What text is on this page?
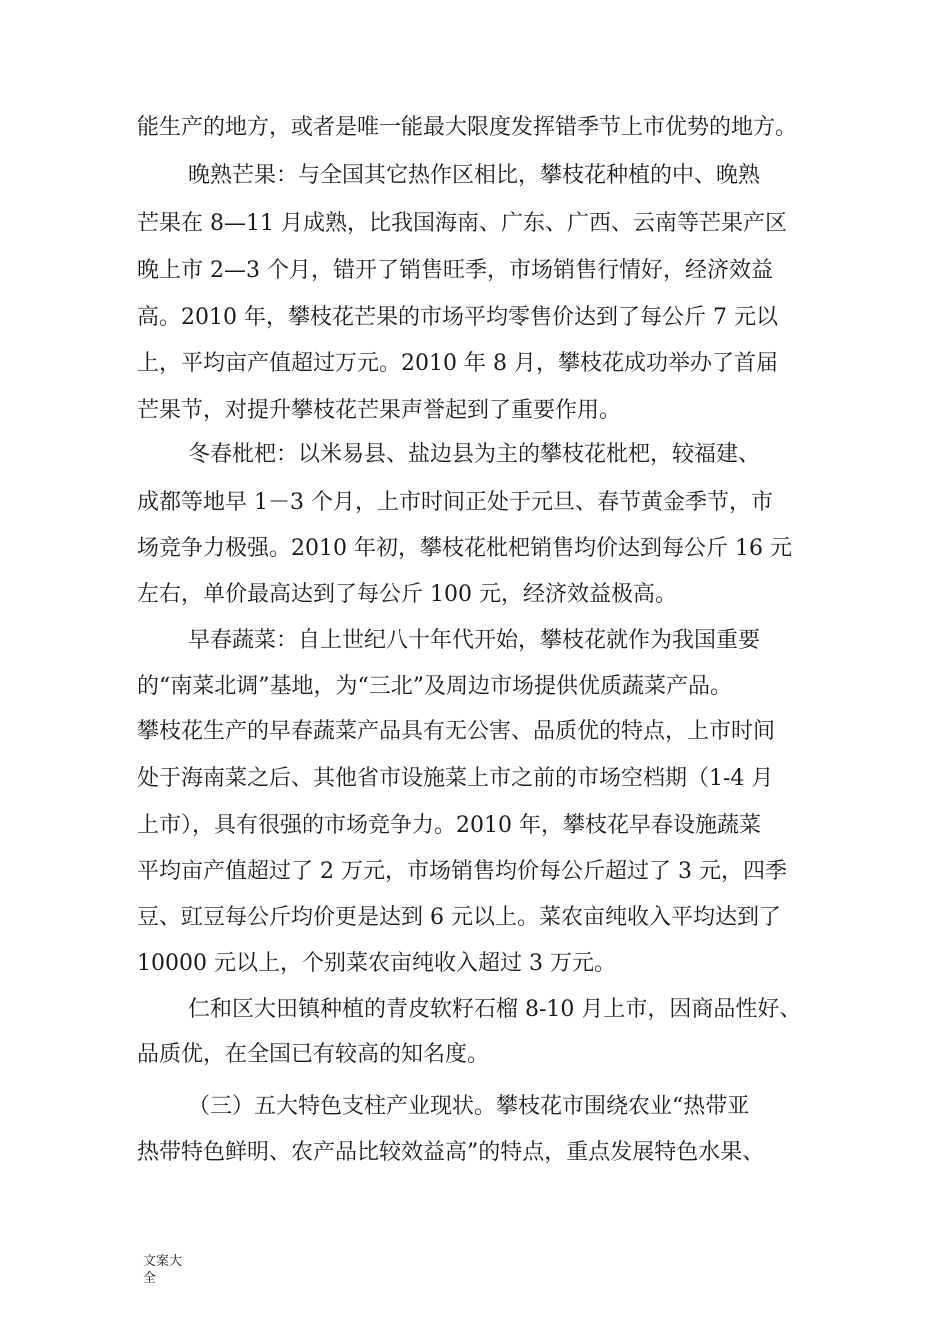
能生产的地方，或者是唯一能最大限度发挥错季节上市优势的地方。
晚熟芒果：与全国其它热作区相比，攀枝花种植的中、晚熟
芒果在 8—11 月成熟，比我国海南、广东、广西、云南等芒果产区
晚上市 2—3 个月，错开了销售旺季，市场销售行情好，经济效益
高。2010 年，攀枝花芒果的市场平均零售价达到了每公斤 7 元以
上，平均亩产值超过万元。2010 年 8 月，攀枝花成功举办了首届
芒果节，对提升攀枝花芒果声誉起到了重要作用。
冬春枇杷：以米易县、盐边县为主的攀枝花枇杷，较福建、
成都等地早 1－3 个月，上市时间正处于元旦、春节黄金季节，市
场竞争力极强。2010 年初，攀枝花枇杷销售均价达到每公斤 16 元
左右，单价最高达到了每公斤 100 元，经济效益极高。
早春蔬菜：自上世纪八十年代开始，攀枝花就作为我国重要
的“南菜北调”基地，为“三北”及周边市场提供优质蔬菜产品。
攀枝花生产的早春蔬菜产品具有无公害、品质优的特点，上市时间
处于海南菜之后、其他省市设施菜上市之前的市场空档期（1-4 月
上市），具有很强的市场竞争力。2010 年，攀枝花早春设施蔬菜
平均亩产值超过了 2 万元，市场销售均价每公斤超过了 3 元，四季
豆、豇豆每公斤均价更是达到 6 元以上。菜农亩纯收入平均达到了
10000 元以上，个别菜农亩纯收入超过 3 万元。
仁和区大田镇种植的青皮软籽石榴 8-10 月上市，因商品性好、
品质优，在全国已有较高的知名度。
（三）五大特色支柱产业现状。攀枝花市围绕农业“热带亚
热带特色鲜明、农产品比较效益高”的特点，重点发展特色水果、
文案大
全
